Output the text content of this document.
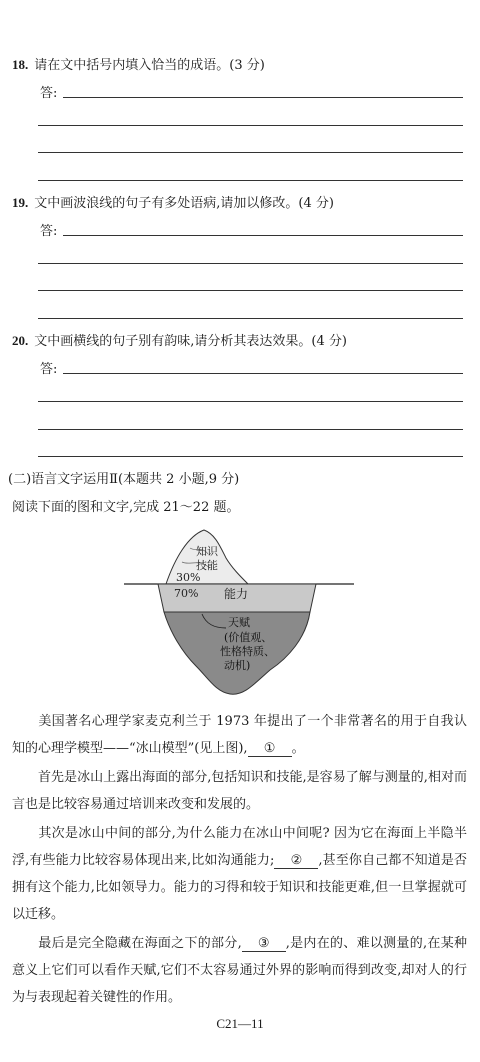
18. 请在文中括号内填入恰当的成语。(3 分)
答:
19. 文中画波浪线的句子有多处语病,请加以修改。(4 分)
答:
20. 文中画横线的句子别有韵味,请分析其表达效果。(4 分)
答:
(二)语言文字运用Ⅱ(本题共 2 小题,9 分)
阅读下面的图和文字,完成 21～22 题。
知识
技能
30%
70% 能力
天赋
(价值观、
性格特质、
动机)
美国著名心理学家麦克利兰于 1973 年提出了一个非常著名的用于自我认知的心理学模型——“冰山模型”(见上图), ① 。
首先是冰山上露出海面的部分,包括知识和技能,是容易了解与测量的,相对而言也是比较容易通过培训来改变和发展的。
其次是冰山中间的部分,为什么能力在冰山中间呢? 因为它在海面上半隐半浮,有些能力比较容易体现出来,比如沟通能力; ② ,甚至你自己都不知道是否拥有这个能力,比如领导力。能力的习得和较于知识和技能更难,但一旦掌握就可以迁移。
最后是完全隐藏在海面之下的部分, ③ ,是内在的、难以测量的,在某种意义上它们可以看作天赋,它们不太容易通过外界的影响而得到改变,却对人的行为与表现起着关键性的作用。
C21—11
